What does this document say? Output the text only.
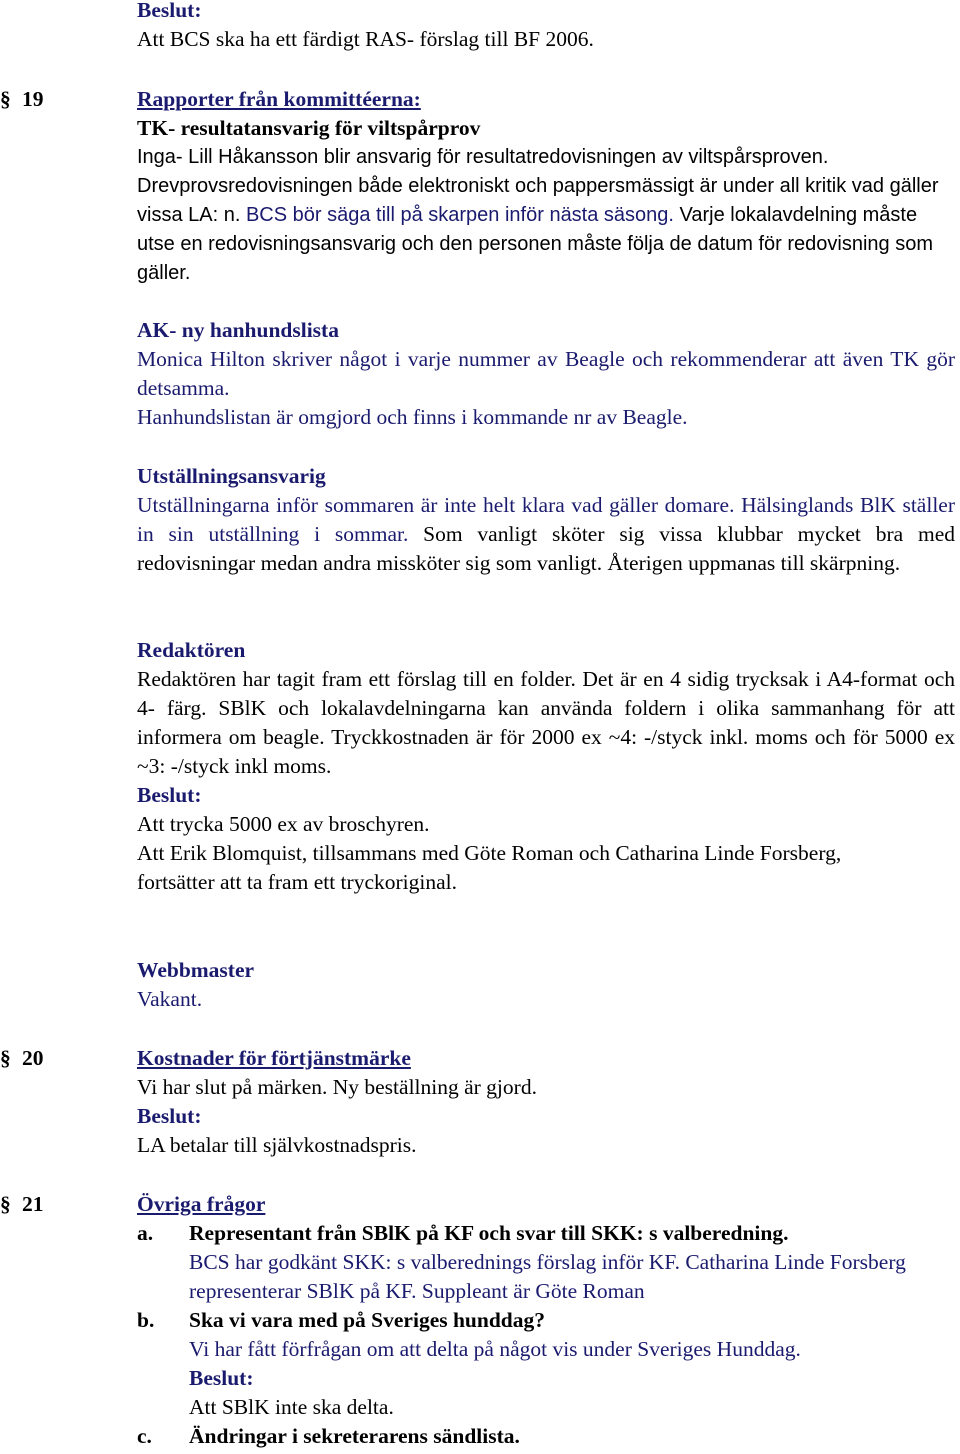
Beslut:

Att BCS ska ha ett färdigt RAS- förslag till BF 2006.

§ 19	Rapporter från kommittéerna:

TK- resultatansvarig för viltspårprov

Inga- Lill Håkansson blir ansvarig för resultatredovisningen av viltspårsproven. Drevprovsredovisningen både elektroniskt och pappersmässigt är under all kritik vad gäller vissa LA: n. BCS bör säga till på skarpen inför nästa säsong. Varje lokalavdelning måste utse en redovisningsansvarig och den personen måste följa de datum för redovisning som gäller.

AK- ny hanhundslista

Monica Hilton skriver något i varje nummer av Beagle och rekommenderar att även TK gör detsamma.

Hanhundslistan är omgjord och finns i kommande nr av Beagle.

Utställningsansvarig

Utställningarna inför sommaren är inte helt klara vad gäller domare. Hälsinglands BlK ställer in sin utställning i sommar. Som vanligt sköter sig vissa klubbar mycket bra med redovisningar medan andra missköter sig som vanligt. Återigen uppmanas till skärpning.

Redaktören

Redaktören har tagit fram ett förslag till en folder. Det är en 4 sidig trycksak i A4-format och 4- färg. SBlK och lokalavdelningarna kan använda foldern i olika sammanhang för att informera om beagle. Tryckkostnaden är för 2000 ex ~4: -/styck inkl. moms och för 5000 ex ~3: -/styck inkl moms.

Beslut:

Att trycka 5000 ex av broschyren.

Att Erik Blomquist, tillsammans med Göte Roman och Catharina Linde Forsberg, fortsätter att ta fram ett tryckoriginal.

Webbmaster

Vakant.

§ 20	Kostnader för förtjänstmärke

Vi har slut på märken. Ny beställning är gjord.

Beslut:

LA betalar till självkostnadspris.

§ 21	Övriga frågor

a.	Representant från SBlK på KF och svar till SKK: s valberedning.

BCS har godkänt SKK: s valberednings förslag inför KF. Catharina Linde Forsberg representerar SBlK på KF. Suppleant är Göte Roman

b.	Ska vi vara med på Sveriges hunddag?

Vi har fått förfrågan om att delta på något vis under Sveriges Hunddag.

Beslut:

Att SBlK inte ska delta.

c.	Ändringar i sekreterarens sändlista.
